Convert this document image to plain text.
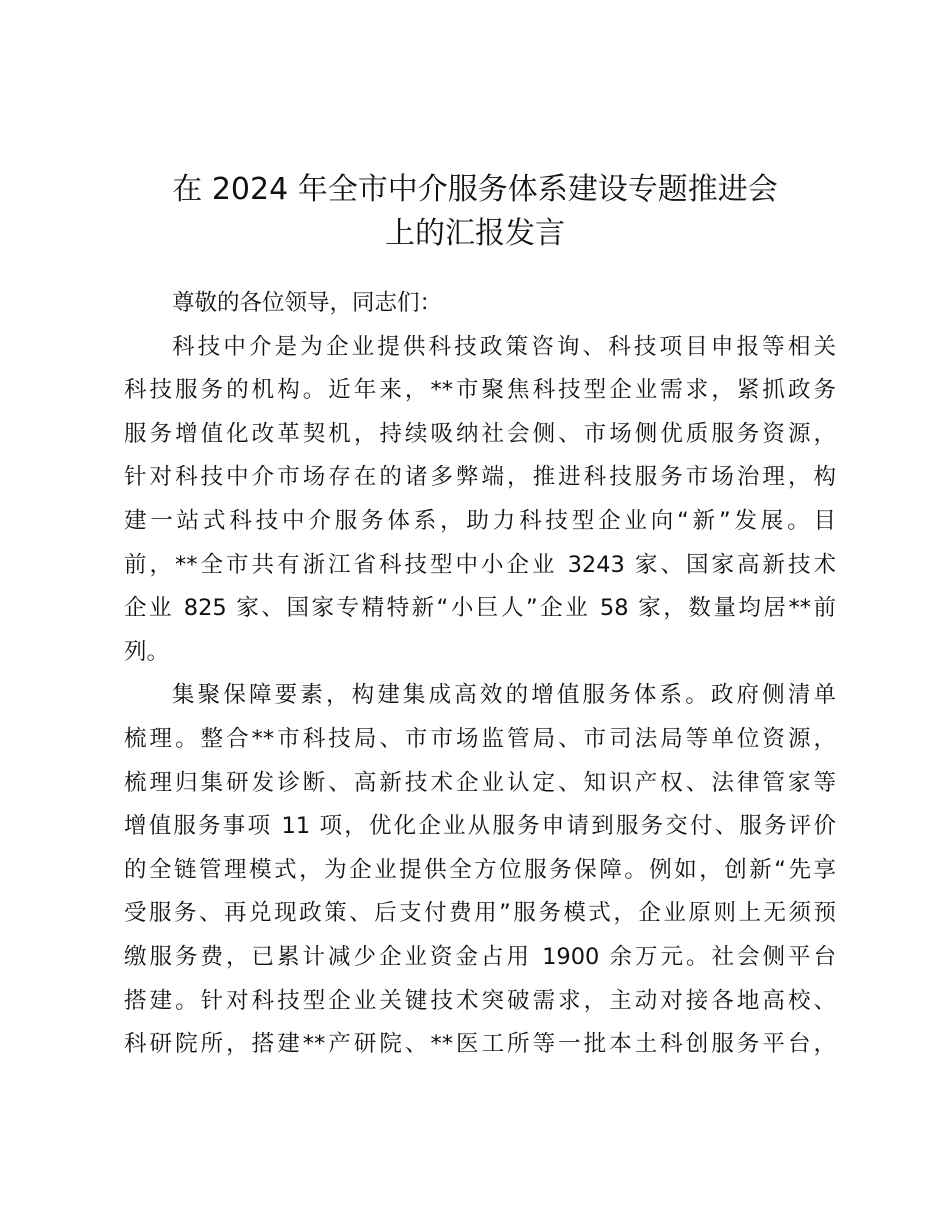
在 2024 年全市中介服务体系建设专题推进会
上的汇报发言

尊敬的各位领导，同志们：

科技中介是为企业提供科技政策咨询、科技项目申报等相关
科技服务的机构。近年来，**市聚焦科技型企业需求，紧抓政务
服务增值化改革契机，持续吸纳社会侧、市场侧优质服务资源，
针对科技中介市场存在的诸多弊端，推进科技服务市场治理，构
建一站式科技中介服务体系，助力科技型企业向“新”发展。目
前，**全市共有浙江省科技型中小企业 3243 家、国家高新技术
企业 825 家、国家专精特新“小巨人”企业 58 家，数量均居**前
列。

集聚保障要素，构建集成高效的增值服务体系。政府侧清单
梳理。整合**市科技局、市市场监管局、市司法局等单位资源，
梳理归集研发诊断、高新技术企业认定、知识产权、法律管家等
增值服务事项 11 项，优化企业从服务申请到服务交付、服务评价
的全链管理模式，为企业提供全方位服务保障。例如，创新“先享
受服务、再兑现政策、后支付费用”服务模式，企业原则上无须预
缴服务费，已累计减少企业资金占用 1900 余万元。社会侧平台
搭建。针对科技型企业关键技术突破需求，主动对接各地高校、
科研院所，搭建**产研院、**医工所等一批本土科创服务平台，
